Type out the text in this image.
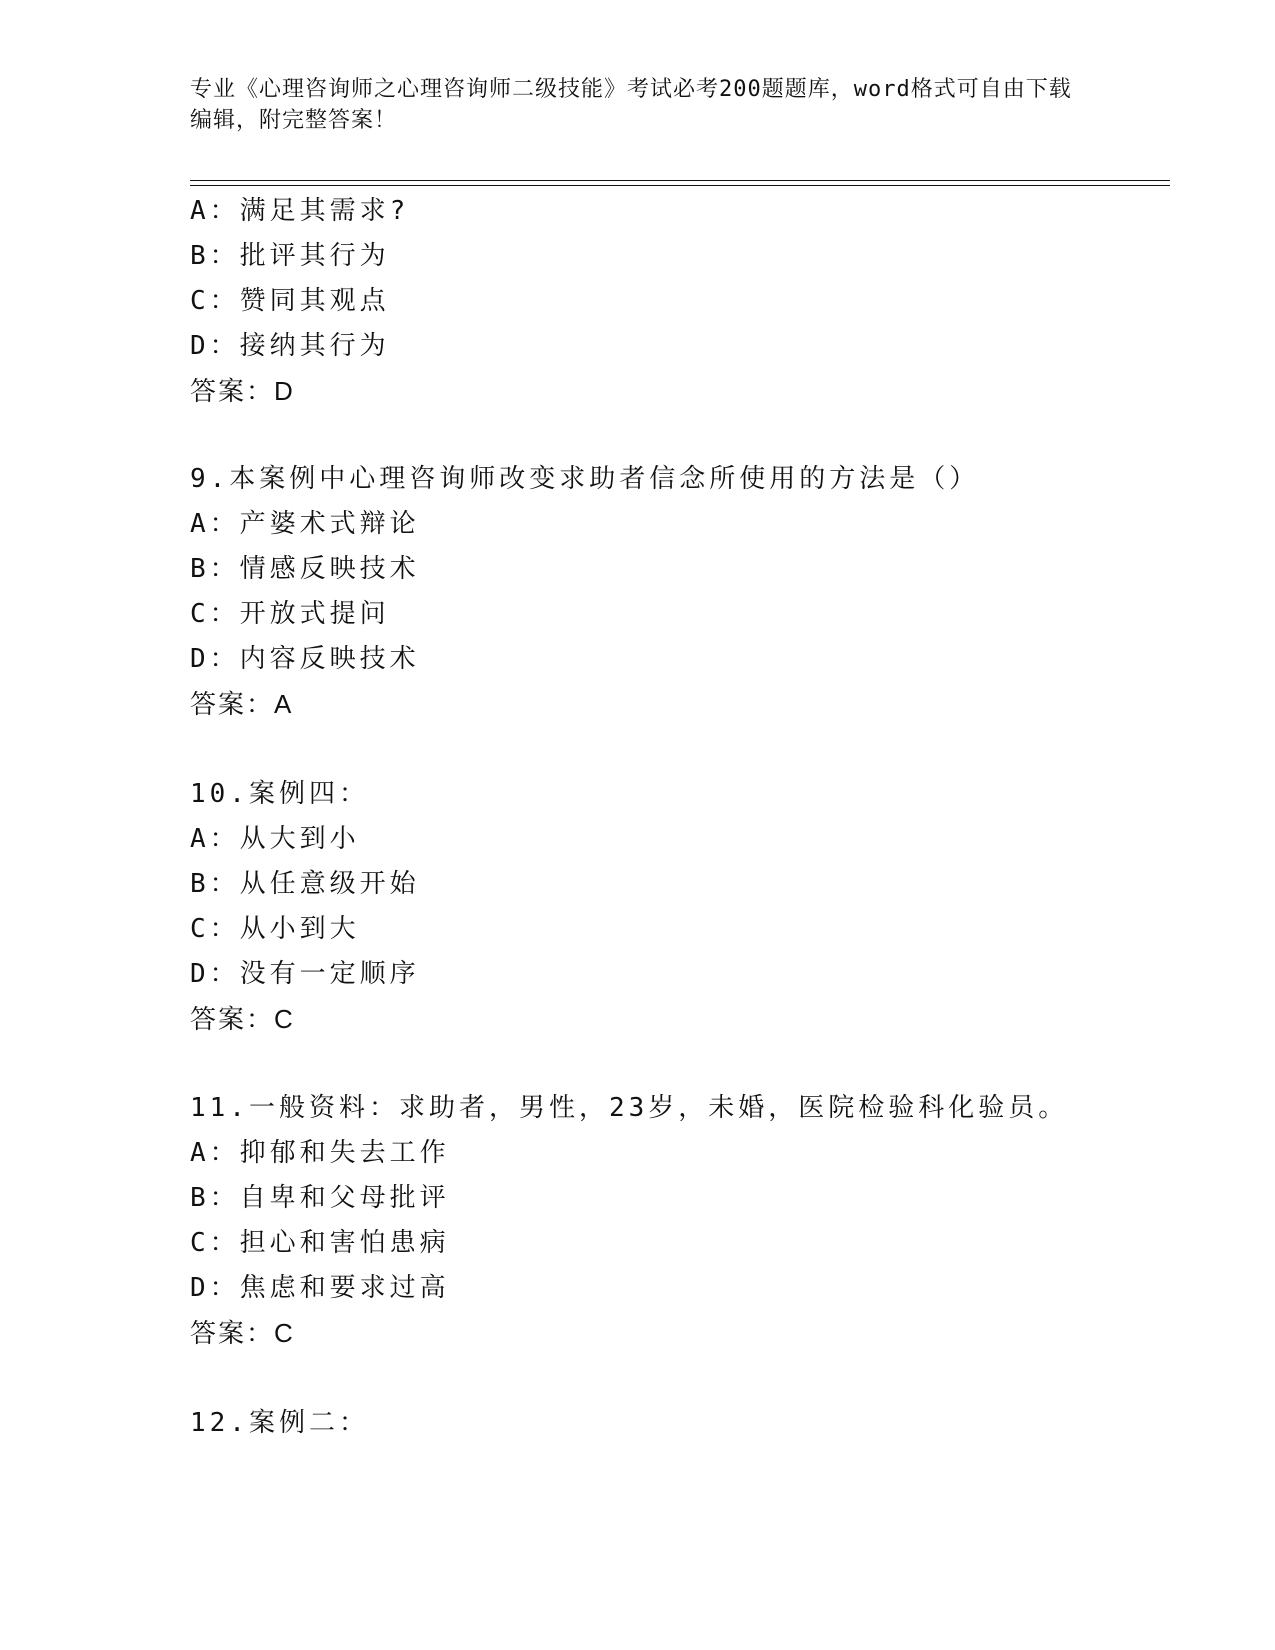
专业《心理咨询师之心理咨询师二级技能》考试必考200题题库，word格式可自由下载编辑，附完整答案！
A：满足其需求?
B：批评其行为
C：赞同其观点
D：接纳其行为
答案：D
9.本案例中心理咨询师改变求助者信念所使用的方法是（）
A：产婆术式辩论
B：情感反映技术
C：开放式提问
D：内容反映技术
答案：A
10.案例四：
A：从大到小
B：从任意级开始
C：从小到大
D：没有一定顺序
答案：C
11.一般资料：求助者，男性，23岁，未婚，医院检验科化验员。
A：抑郁和失去工作
B：自卑和父母批评
C：担心和害怕患病
D：焦虑和要求过高
答案：C
12.案例二：
